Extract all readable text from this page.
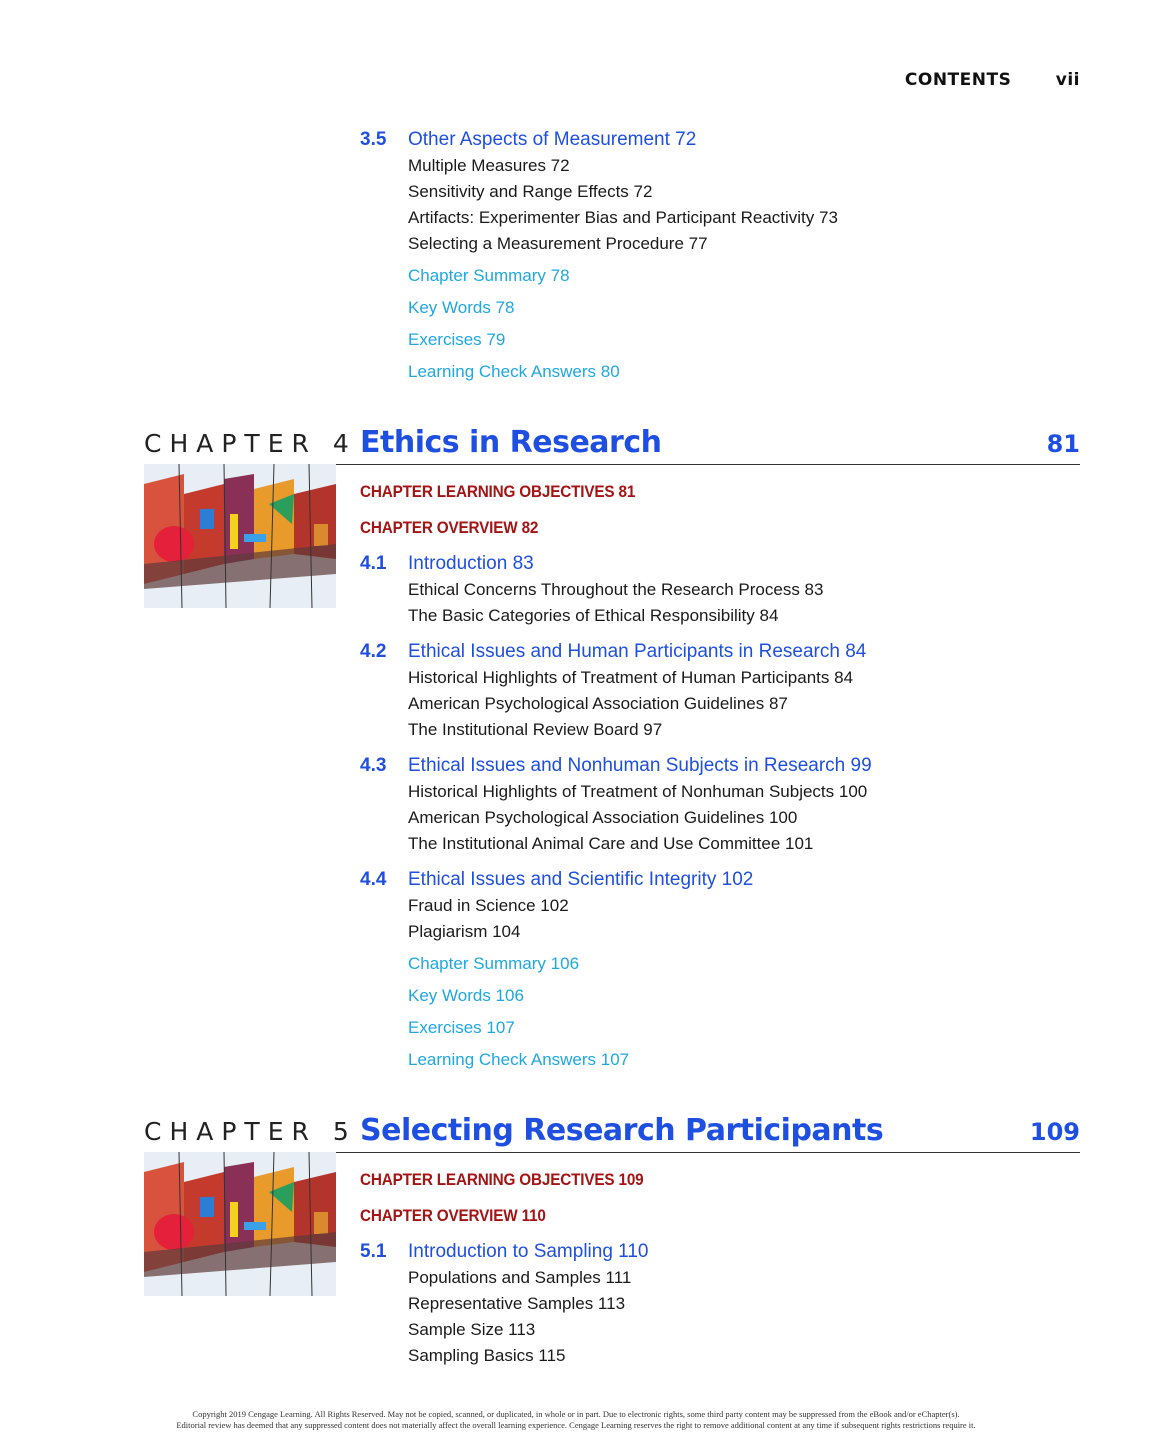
CONTENTS	vii
3.5 Other Aspects of Measurement 72
Multiple Measures 72
Sensitivity and Range Effects 72
Artifacts: Experimenter Bias and Participant Reactivity 73
Selecting a Measurement Procedure 77
Chapter Summary 78
Key Words 78
Exercises 79
Learning Check Answers 80
CHAPTER 4 Ethics in Research	81
CHAPTER LEARNING OBJECTIVES 81
CHAPTER OVERVIEW 82
4.1 Introduction 83
Ethical Concerns Throughout the Research Process 83
The Basic Categories of Ethical Responsibility 84
4.2 Ethical Issues and Human Participants in Research 84
Historical Highlights of Treatment of Human Participants 84
American Psychological Association Guidelines 87
The Institutional Review Board 97
4.3 Ethical Issues and Nonhuman Subjects in Research 99
Historical Highlights of Treatment of Nonhuman Subjects 100
American Psychological Association Guidelines 100
The Institutional Animal Care and Use Committee 101
4.4 Ethical Issues and Scientific Integrity 102
Fraud in Science 102
Plagiarism 104
Chapter Summary 106
Key Words 106
Exercises 107
Learning Check Answers 107
CHAPTER 5 Selecting Research Participants	109
CHAPTER LEARNING OBJECTIVES 109
CHAPTER OVERVIEW 110
5.1 Introduction to Sampling 110
Populations and Samples 111
Representative Samples 113
Sample Size 113
Sampling Basics 115
Copyright 2019 Cengage Learning. All Rights Reserved. May not be copied, scanned, or duplicated, in whole or in part. Due to electronic rights, some third party content may be suppressed from the eBook and/or eChapter(s).
Editorial review has deemed that any suppressed content does not materially affect the overall learning experience. Cengage Learning reserves the right to remove additional content at any time if subsequent rights restrictions require it.
